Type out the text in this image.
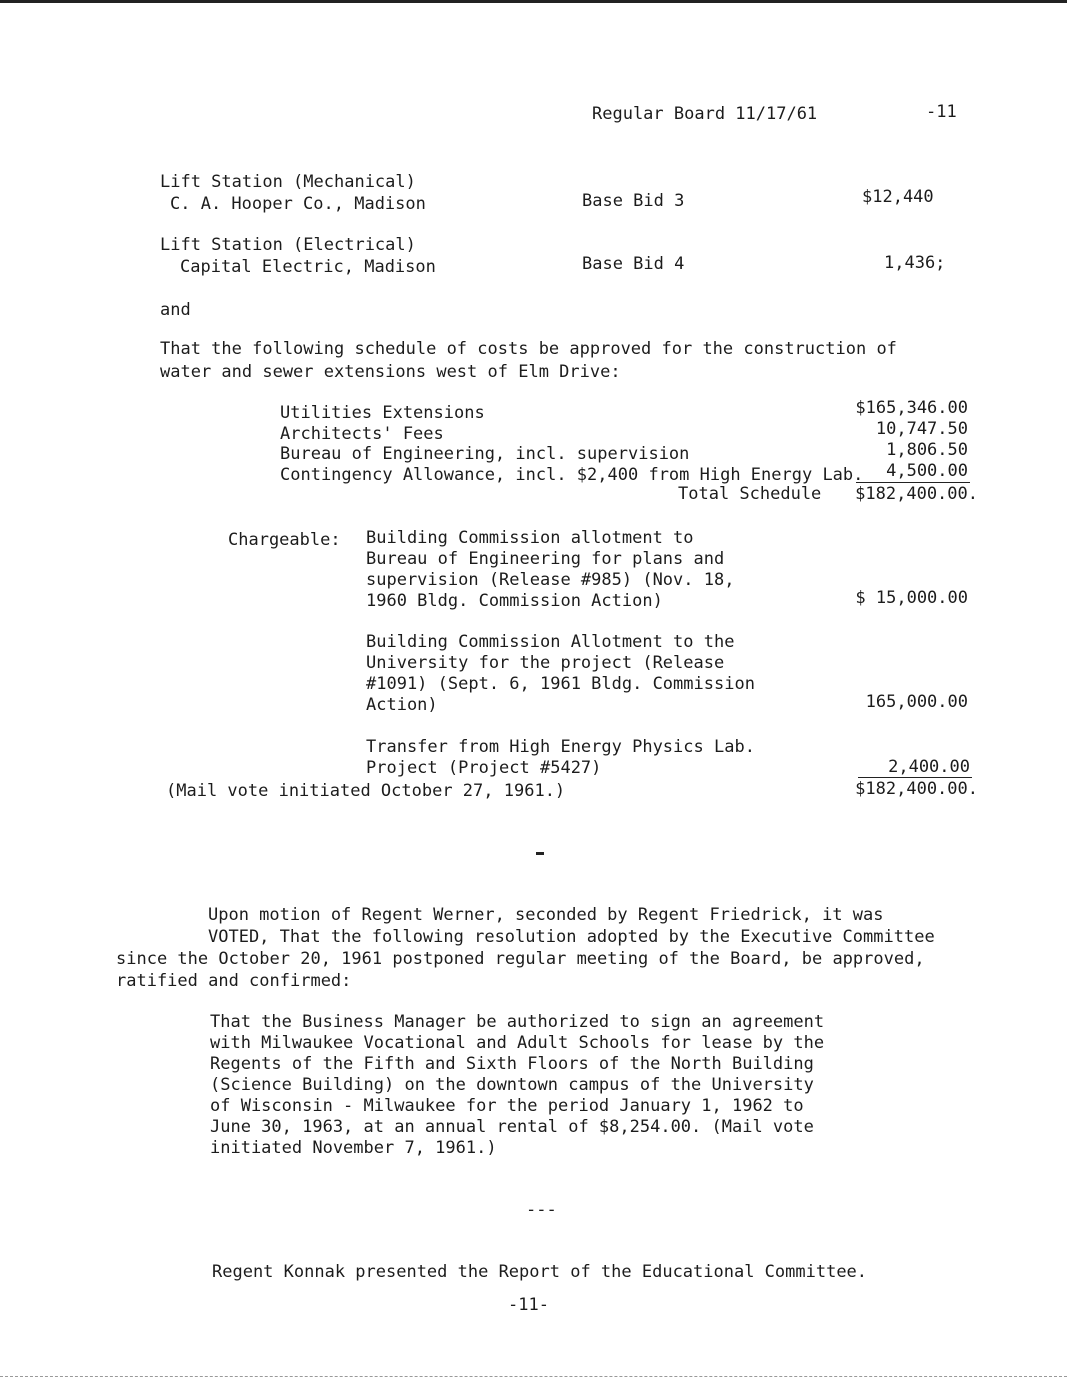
Regular Board 11/17/61	-11
Lift Station (Mechanical)
C. A. Hooper Co., Madison	Base Bid 3	$12,440
Lift Station (Electrical)
Capital Electric, Madison	Base Bid 4	1,436;
and
That the following schedule of costs be approved for the construction of
water and sewer extensions west of Elm Drive:
Utilities Extensions	$165,346.00
Architects' Fees	10,747.50
Bureau of Engineering, incl. supervision	1,806.50
Contingency Allowance, incl. $2,400 from High Energy Lab.	4,500.00
Total Schedule	$182,400.00.
Chargeable: Building Commission allotment to
Bureau of Engineering for plans and
supervision (Release #985) (Nov. 18,
1960 Bldg. Commission Action)	$ 15,000.00
Building Commission Allotment to the
University for the project (Release
#1091) (Sept. 6, 1961 Bldg. Commission
Action)	165,000.00
Transfer from High Energy Physics Lab.
Project (Project #5427)	2,400.00
$182,400.00.
(Mail vote initiated October 27, 1961.)
Upon motion of Regent Werner, seconded by Regent Friedrick, it was
VOTED, That the following resolution adopted by the Executive Committee
since the October 20, 1961 postponed regular meeting of the Board, be approved,
ratified and confirmed:
That the Business Manager be authorized to sign an agreement
with Milwaukee Vocational and Adult Schools for lease by the
Regents of the Fifth and Sixth Floors of the North Building
(Science Building) on the downtown campus of the University
of Wisconsin - Milwaukee for the period January 1, 1962 to
June 30, 1963, at an annual rental of $8,254.00. (Mail vote
initiated November 7, 1961.)
---
Regent Konnak presented the Report of the Educational Committee.
-11-
